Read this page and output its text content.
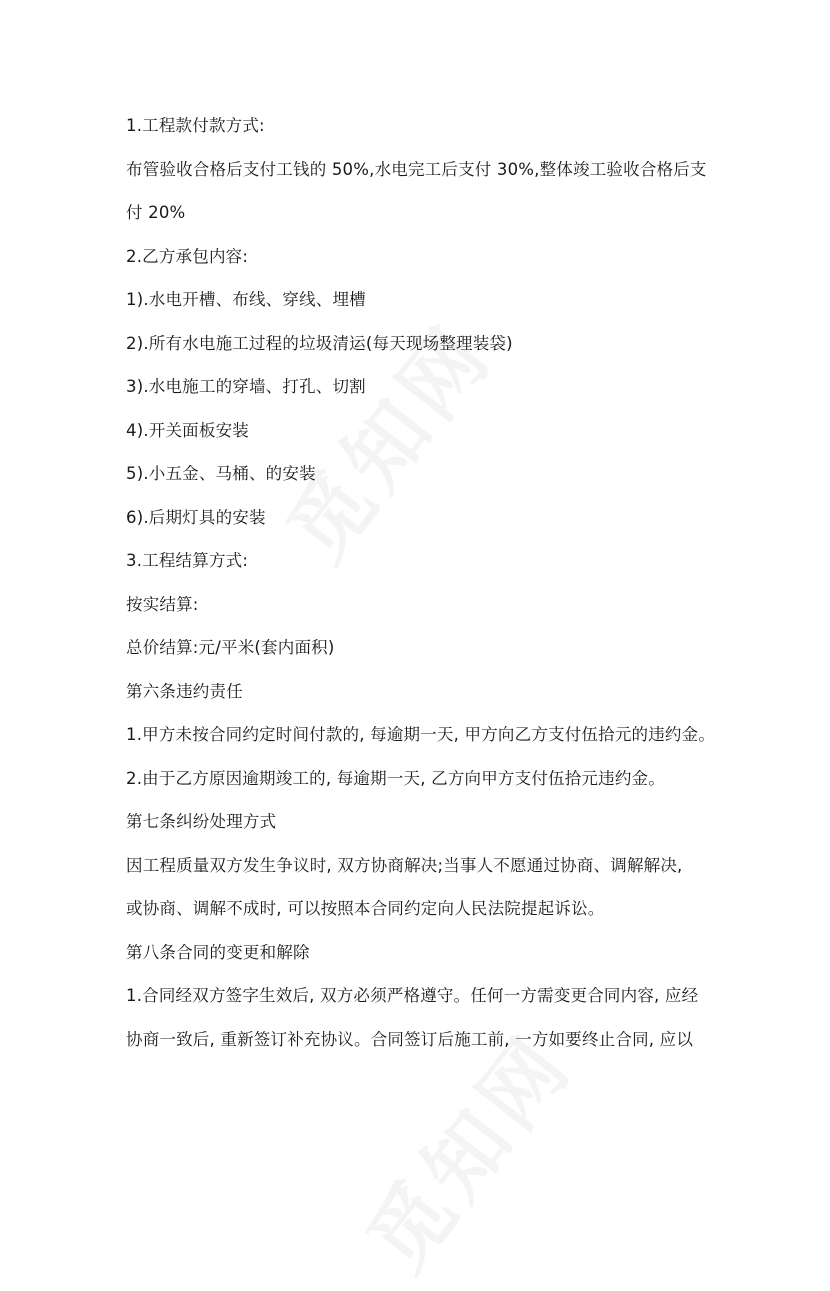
1.工程款付款方式:
布管验收合格后支付工钱的 50%,水电完工后支付 30%,整体竣工验收合格后支
付 20%
2.乙方承包内容:
1).水电开槽、布线、穿线、埋槽
2).所有水电施工过程的垃圾清运(每天现场整理装袋)
3).水电施工的穿墙、打孔、切割
4).开关面板安装
5).小五金、马桶、的安装
6).后期灯具的安装
3.工程结算方式:
按实结算:
总价结算:元/平米(套内面积)
第六条违约责任
1.甲方未按合同约定时间付款的, 每逾期一天, 甲方向乙方支付伍拾元的违约金。
2.由于乙方原因逾期竣工的, 每逾期一天, 乙方向甲方支付伍拾元违约金。
第七条纠纷处理方式
因工程质量双方发生争议时, 双方协商解决;当事人不愿通过协商、调解解决,
或协商、调解不成时, 可以按照本合同约定向人民法院提起诉讼。
第八条合同的变更和解除
1.合同经双方签字生效后, 双方必须严格遵守。任何一方需变更合同内容, 应经
协商一致后, 重新签订补充协议。合同签订后施工前, 一方如要终止合同, 应以
